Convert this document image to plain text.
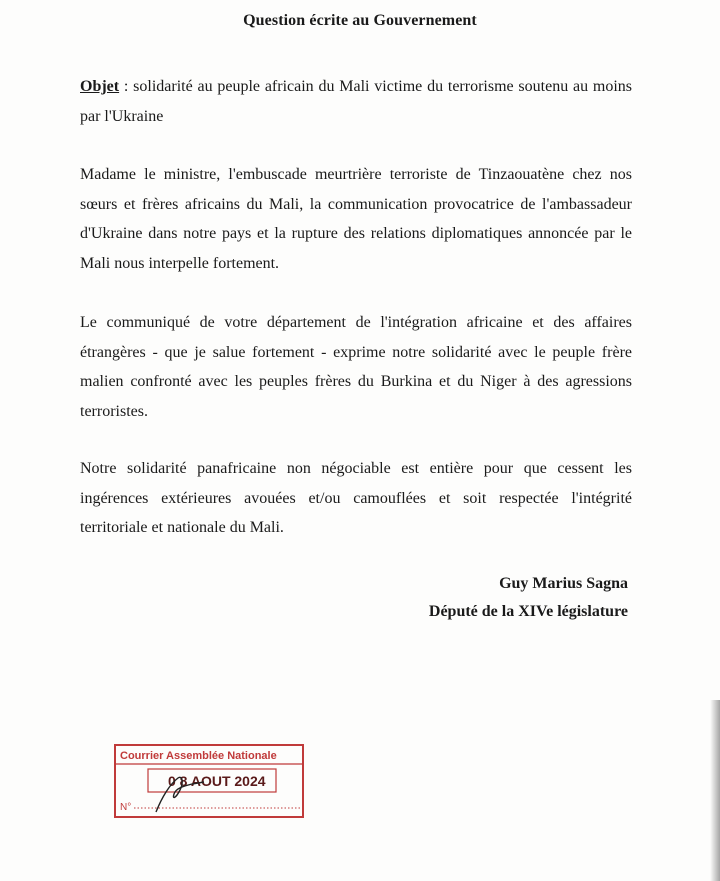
Question écrite au Gouvernement

Objet : solidarité au peuple africain du Mali victime du terrorisme soutenu au moins par l'Ukraine

Madame le ministre, l'embuscade meurtrière terroriste de Tinzaouatène chez nos sœurs et frères africains du Mali, la communication provocatrice de l'ambassadeur d'Ukraine dans notre pays et la rupture des relations diplomatiques annoncée par le Mali nous interpelle fortement.

Le communiqué de votre département de l'intégration africaine et des affaires étrangères - que je salue fortement - exprime notre solidarité avec le peuple frère malien confronté avec les peuples frères du Burkina et du Niger à des agressions terroristes.

Notre solidarité panafricaine non négociable est entière pour que cessent les ingérences extérieures avouées et/ou camouflées et soit respectée l'intégrité territoriale et nationale du Mali.

Guy Marius Sagna
Député de la XIVe législature
Courrier Assemblée Nationale
0 8 AOUT 2024
N°
